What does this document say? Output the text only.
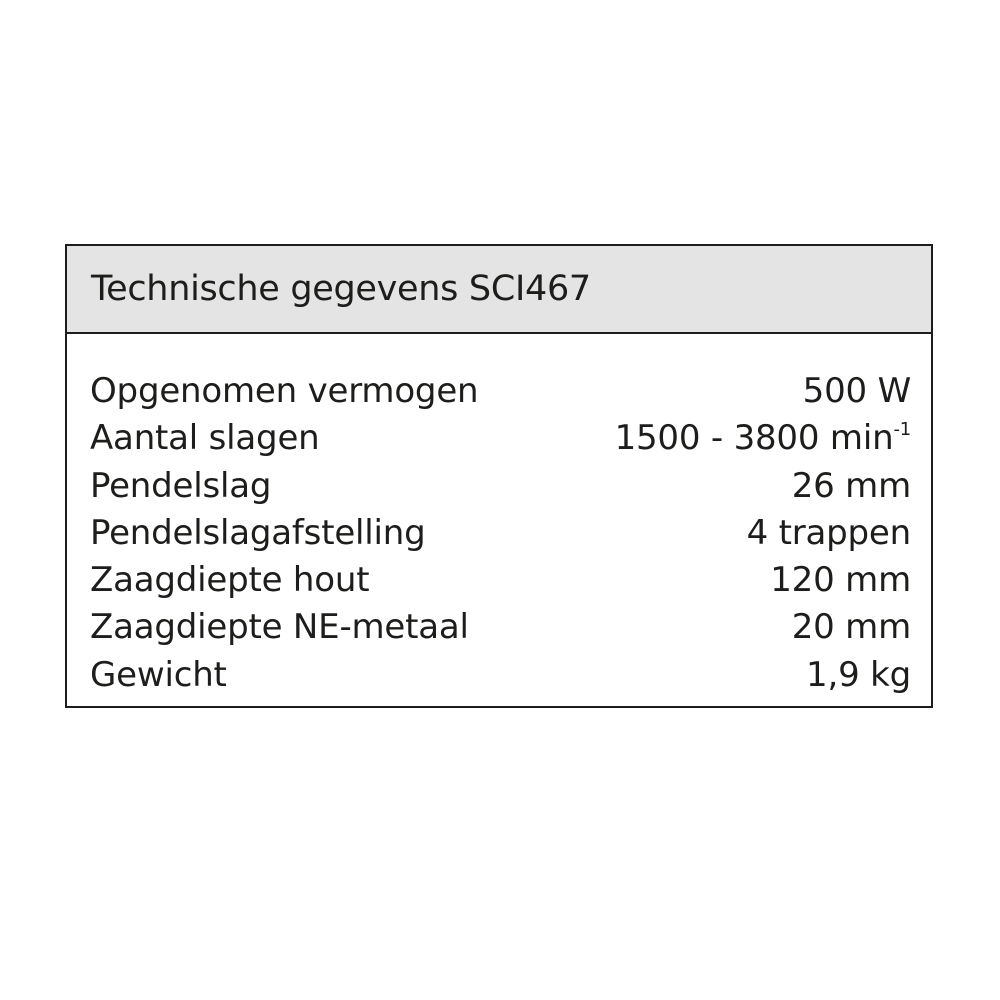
Technische gegevens SCI467
Opgenomen vermogen	500 W
Aantal slagen	1500 - 3800 $\min^{-1}$
Pendelslag	26 mm
Pendelslagafstelling	4 trappen
Zaagdiepte hout	120 mm
Zaagdiepte NE-metaal	20 mm
Gewicht	1,9 kg
